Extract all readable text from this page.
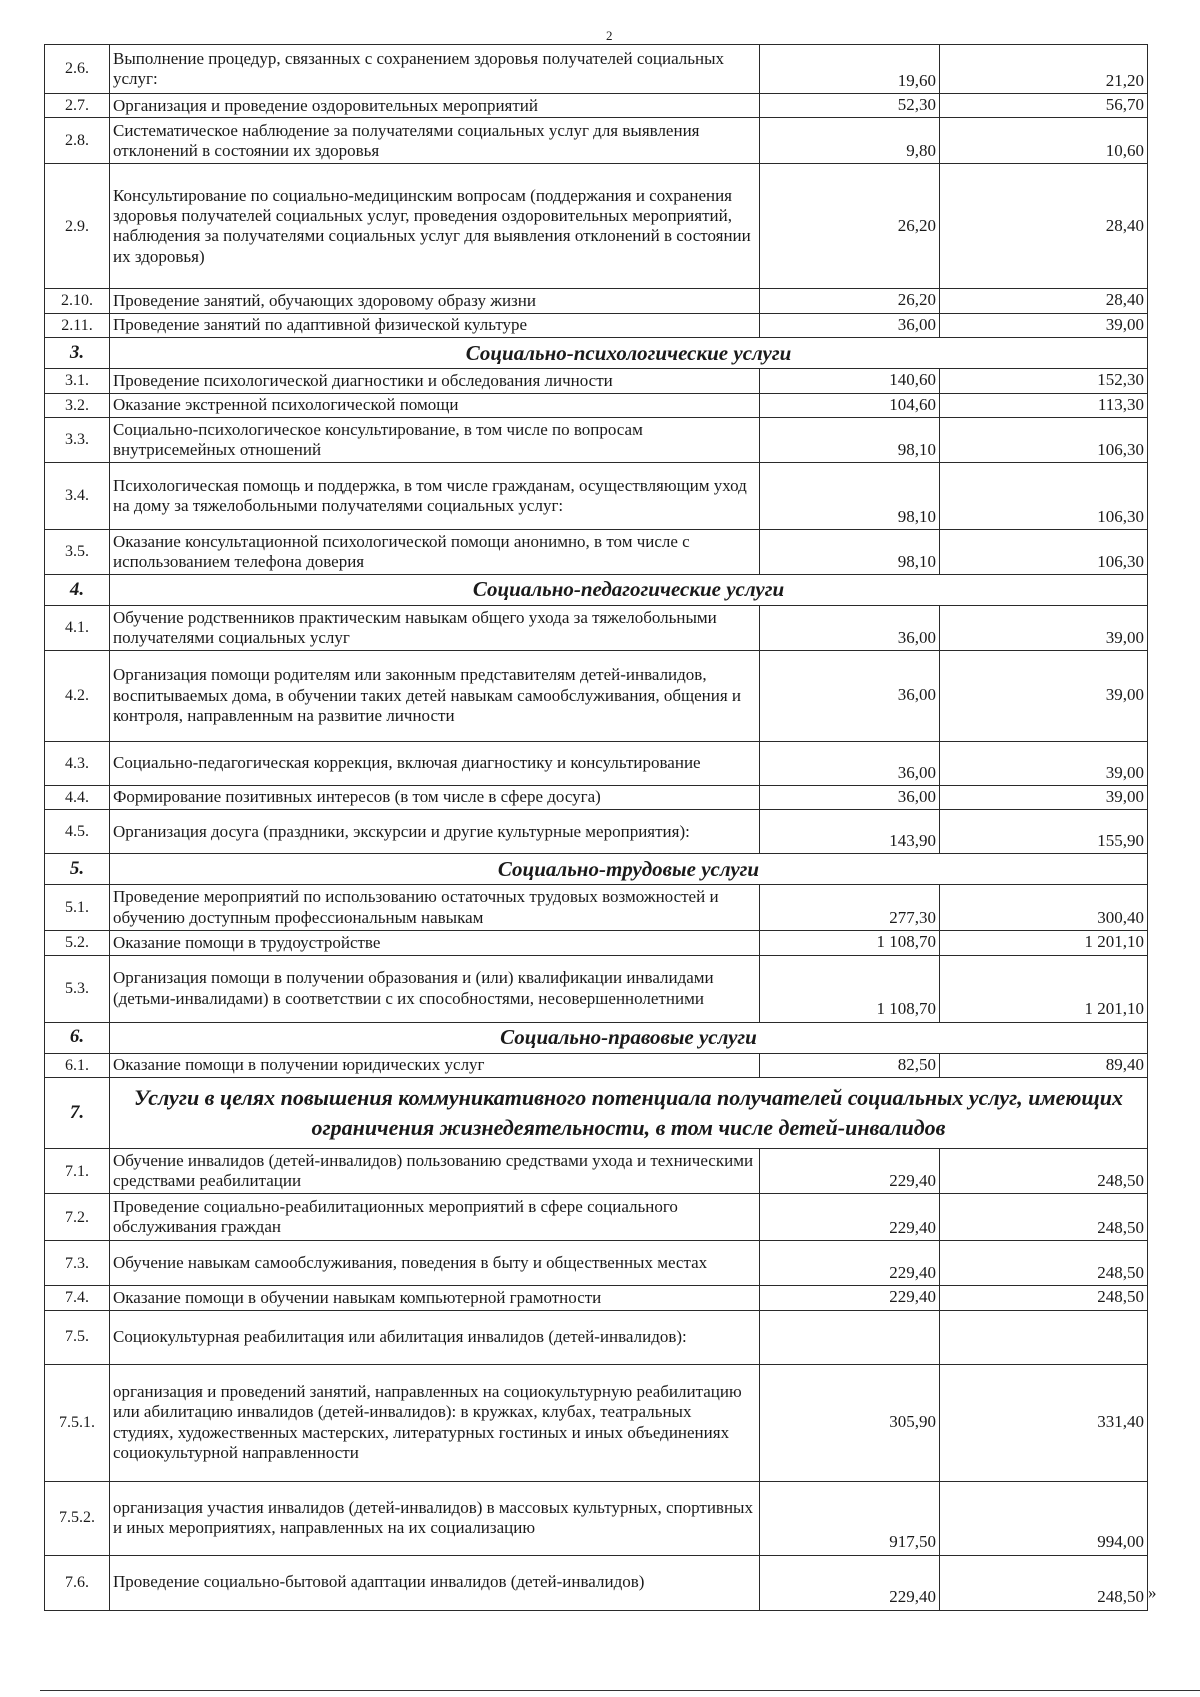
2
2.6.	Выполнение процедур, связанных с сохранением здоровья получателей социальных услуг:	19,60	21,20
2.7.	Организация и проведение оздоровительных мероприятий	52,30	56,70
2.8.	Систематическое наблюдение за получателями социальных услуг для выявления отклонений в состоянии их здоровья	9,80	10,60
2.9.	Консультирование по социально-медицинским вопросам (поддержания и сохранения здоровья получателей социальных услуг, проведения оздоровительных мероприятий, наблюдения за получателями социальных услуг для выявления отклонений в состоянии их здоровья)	26,20	28,40
2.10.	Проведение занятий, обучающих здоровому образу жизни	26,20	28,40
2.11.	Проведение занятий по адаптивной физической культуре	36,00	39,00
3.	Социально-психологические услуги		
3.1.	Проведение психологической диагностики и обследования личности	140,60	152,30
3.2.	Оказание экстренной психологической помощи	104,60	113,30
3.3.	Социально-психологическое консультирование, в том числе по вопросам внутрисемейных отношений	98,10	106,30
3.4.	Психологическая помощь и поддержка, в том числе гражданам, осуществляющим уход на дому за тяжелобольными получателями социальных услуг:	98,10	106,30
3.5.	Оказание консультационной психологической помощи анонимно, в том числе с использованием телефона доверия	98,10	106,30
4.	Социально-педагогические услуги		
4.1.	Обучение родственников практическим навыкам общего ухода за тяжелобольными получателями социальных услуг	36,00	39,00
4.2.	Организация помощи родителям или законным представителям детей-инвалидов, воспитываемых дома, в обучении таких детей навыкам самообслуживания, общения и контроля, направленным на развитие личности	36,00	39,00
4.3.	Социально-педагогическая коррекция, включая диагностику и консультирование	36,00	39,00
4.4.	Формирование позитивных интересов (в том числе в сфере досуга)	36,00	39,00
4.5.	Организация досуга (праздники, экскурсии и другие культурные мероприятия):	143,90	155,90
5.	Социально-трудовые услуги		
5.1.	Проведение мероприятий по использованию остаточных трудовых возможностей и обучению доступным профессиональным навыкам	277,30	300,40
5.2.	Оказание помощи в трудоустройстве	1 108,70	1 201,10
5.3.	Организация помощи в получении образования и (или) квалификации инвалидами (детьми-инвалидами) в соответствии с их способностями, несовершеннолетними	1 108,70	1 201,10
6.	Социально-правовые услуги		
6.1.	Оказание помощи в получении юридических услуг	82,50	89,40
7.	Услуги в целях повышения коммуникативного потенциала получателей социальных услуг, имеющих ограничения жизнедеятельности, в том числе детей-инвалидов		
7.1.	Обучение инвалидов (детей-инвалидов) пользованию средствами ухода и техническими средствами реабилитации	229,40	248,50
7.2.	Проведение социально-реабилитационных мероприятий в сфере социального обслуживания граждан	229,40	248,50
7.3.	Обучение навыкам самообслуживания, поведения в быту и общественных местах	229,40	248,50
7.4.	Оказание помощи в обучении навыкам компьютерной грамотности	229,40	248,50
7.5.	Социокультурная реабилитация или абилитация инвалидов (детей-инвалидов):		
7.5.1.	организация и проведений занятий, направленных на социокультурную реабилитацию или абилитацию инвалидов (детей-инвалидов): в кружках, клубах, театральных студиях, художественных мастерских, литературных гостиных и иных объединениях социокультурной направленности	305,90	331,40
7.5.2.	организация участия инвалидов (детей-инвалидов) в массовых культурных, спортивных и иных мероприятиях, направленных на их социализацию	917,50	994,00
7.6.	Проведение социально-бытовой адаптации инвалидов (детей-инвалидов)	229,40	248,50 »
